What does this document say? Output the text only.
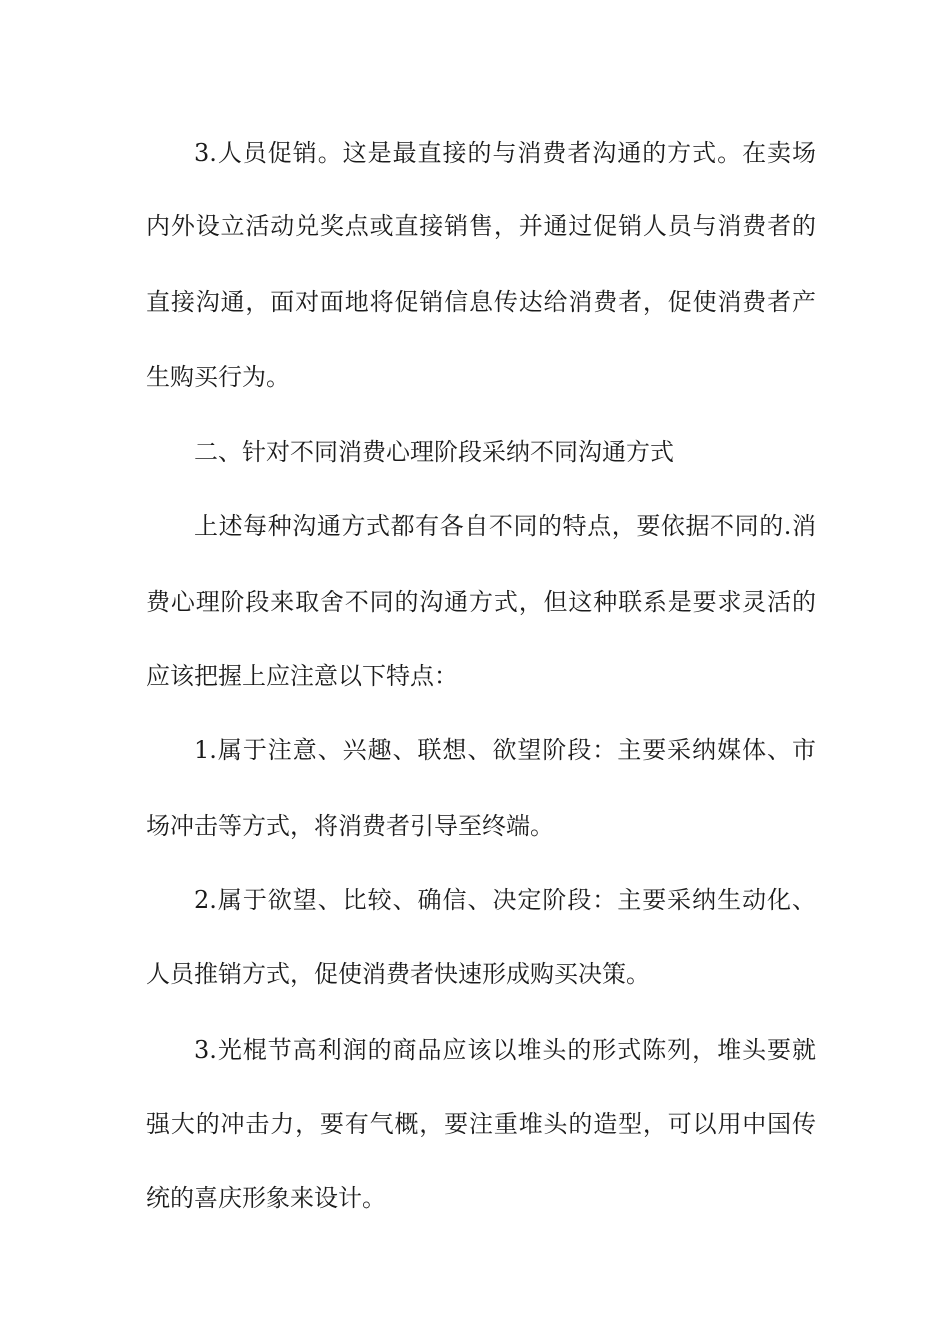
3.人员促销。这是最直接的与消费者沟通的方式。在卖场
内外设立活动兑奖点或直接销售，并通过促销人员与消费者的
直接沟通，面对面地将促销信息传达给消费者，促使消费者产
生购买行为。
二、针对不同消费心理阶段采纳不同沟通方式
上述每种沟通方式都有各自不同的特点，要依据不同的.消
费心理阶段来取舍不同的沟通方式，但这种联系是要求灵活的
应该把握上应注意以下特点：
1.属于注意、兴趣、联想、欲望阶段：主要采纳媒体、市
场冲击等方式，将消费者引导至终端。
2.属于欲望、比较、确信、决定阶段：主要采纳生动化、
人员推销方式，促使消费者快速形成购买决策。
3.光棍节高利润的商品应该以堆头的形式陈列，堆头要就
强大的冲击力，要有气概，要注重堆头的造型，可以用中国传
统的喜庆形象来设计。
